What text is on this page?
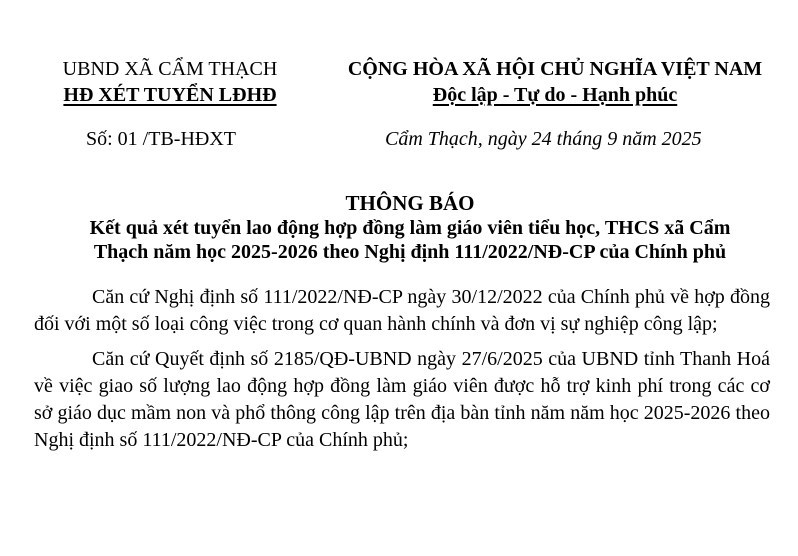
UBND XÃ CẨM THẠCH
HĐ XÉT TUYỂN LĐHĐ
CỘNG HÒA XÃ HỘI CHỦ NGHĨA VIỆT NAM
Độc lập - Tự do - Hạnh phúc
Số: 01 /TB-HĐXT	Cẩm Thạch, ngày 24 tháng 9 năm 2025
THÔNG BÁO
Kết quả xét tuyển lao động hợp đồng làm giáo viên tiểu học, THCS xã Cẩm
Thạch năm học 2025-2026 theo Nghị định 111/2022/NĐ-CP của Chính phủ

Căn cứ Nghị định số 111/2022/NĐ-CP ngày 30/12/2022 của Chính phủ về hợp đồng đối với một số loại công việc trong cơ quan hành chính và đơn vị sự nghiệp công lập;

Căn cứ Quyết định số 2185/QĐ-UBND ngày 27/6/2025 của UBND tỉnh Thanh Hoá về việc giao số lượng lao động hợp đồng làm giáo viên được hỗ trợ kinh phí trong các cơ sở giáo dục mầm non và phổ thông công lập trên địa bàn tỉnh năm năm học 2025-2026 theo Nghị định số 111/2022/NĐ-CP của Chính phủ;
